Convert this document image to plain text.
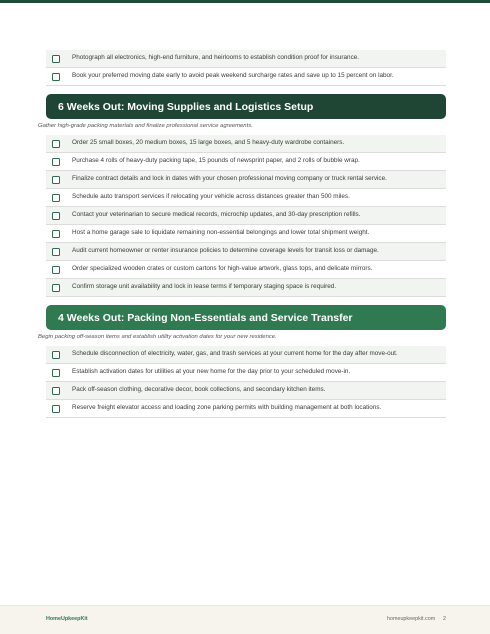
Photograph all electronics, high-end furniture, and heirlooms to establish condition proof for insurance.
Book your preferred moving date early to avoid peak weekend surcharge rates and save up to 15 percent on labor.
6 Weeks Out: Moving Supplies and Logistics Setup
Gather high-grade packing materials and finalize professional service agreements.
Order 25 small boxes, 20 medium boxes, 15 large boxes, and 5 heavy-duty wardrobe containers.
Purchase 4 rolls of heavy-duty packing tape, 15 pounds of newsprint paper, and 2 rolls of bubble wrap.
Finalize contract details and lock in dates with your chosen professional moving company or truck rental service.
Schedule auto transport services if relocating your vehicle across distances greater than 500 miles.
Contact your veterinarian to secure medical records, microchip updates, and 30-day prescription refills.
Host a home garage sale to liquidate remaining non-essential belongings and lower total shipment weight.
Audit current homeowner or renter insurance policies to determine coverage levels for transit loss or damage.
Order specialized wooden crates or custom cartons for high-value artwork, glass tops, and delicate mirrors.
Confirm storage unit availability and lock in lease terms if temporary staging space is required.
4 Weeks Out: Packing Non-Essentials and Service Transfer
Begin packing off-season items and establish utility activation dates for your new residence.
Schedule disconnection of electricity, water, gas, and trash services at your current home for the day after move-out.
Establish activation dates for utilities at your new home for the day prior to your scheduled move-in.
Pack off-season clothing, decorative decor, book collections, and secondary kitchen items.
Reserve freight elevator access and loading zone parking permits with building management at both locations.
HomeUpkeepKit	homeupkeepkit.com · 2
